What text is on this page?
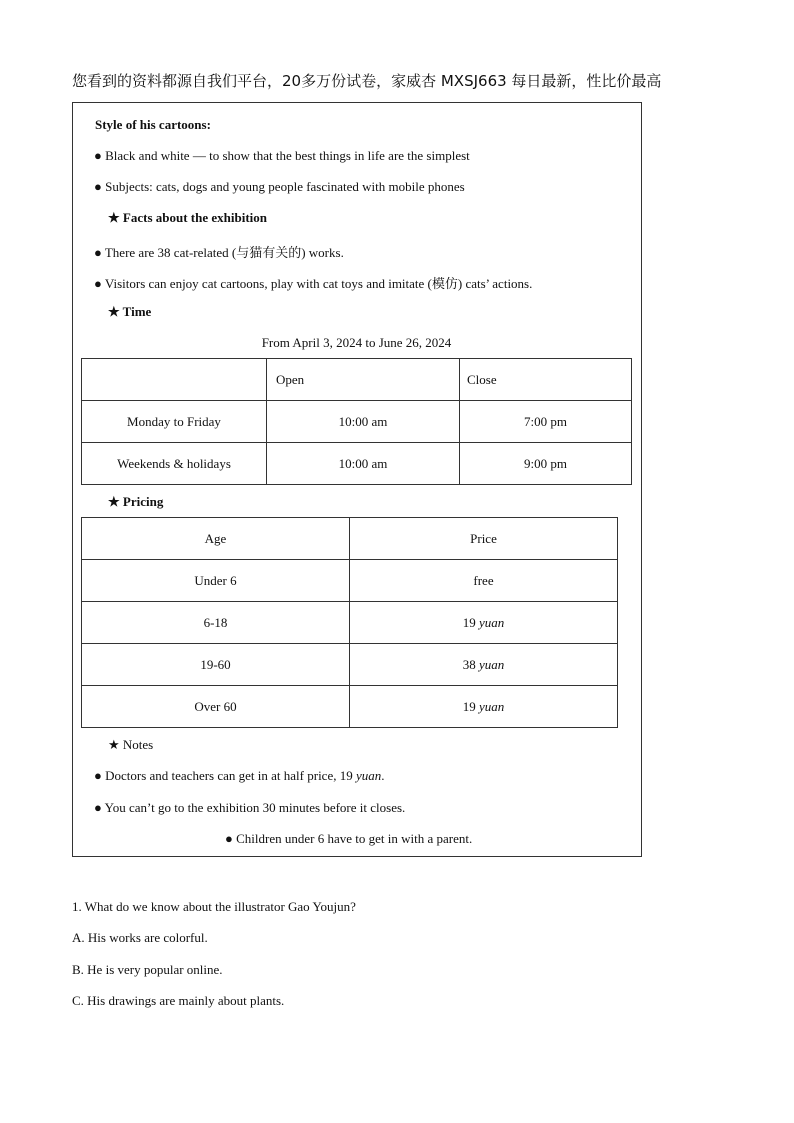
您看到的资料都源自我们平台，20多万份试卷，家威杏 MXSJ663 每日最新，性比价最高
Style of his cartoons:
● Black and white — to show that the best things in life are the simplest
● Subjects: cats, dogs and young people fascinated with mobile phones
★ Facts about the exhibition
● There are 38 cat-related (与猫有关的) works.
● Visitors can enjoy cat cartoons, play with cat toys and imitate (模仿) cats’ actions.
★ Time
From April 3, 2024 to June 26, 2024
	Open	Close
Monday to Friday	10:00 am	7:00 pm
Weekends & holidays	10:00 am	9:00 pm
★ Pricing
Age	Price
Under 6	free
6-18	19 yuan
19-60	38 yuan
Over 60	19 yuan
★ Notes
● Doctors and teachers can get in at half price, 19 yuan.
● You can’t go to the exhibition 30 minutes before it closes.
● Children under 6 have to get in with a parent.
1. What do we know about the illustrator Gao Youjun?
A. His works are colorful.
B. He is very popular online.
C. His drawings are mainly about plants.
